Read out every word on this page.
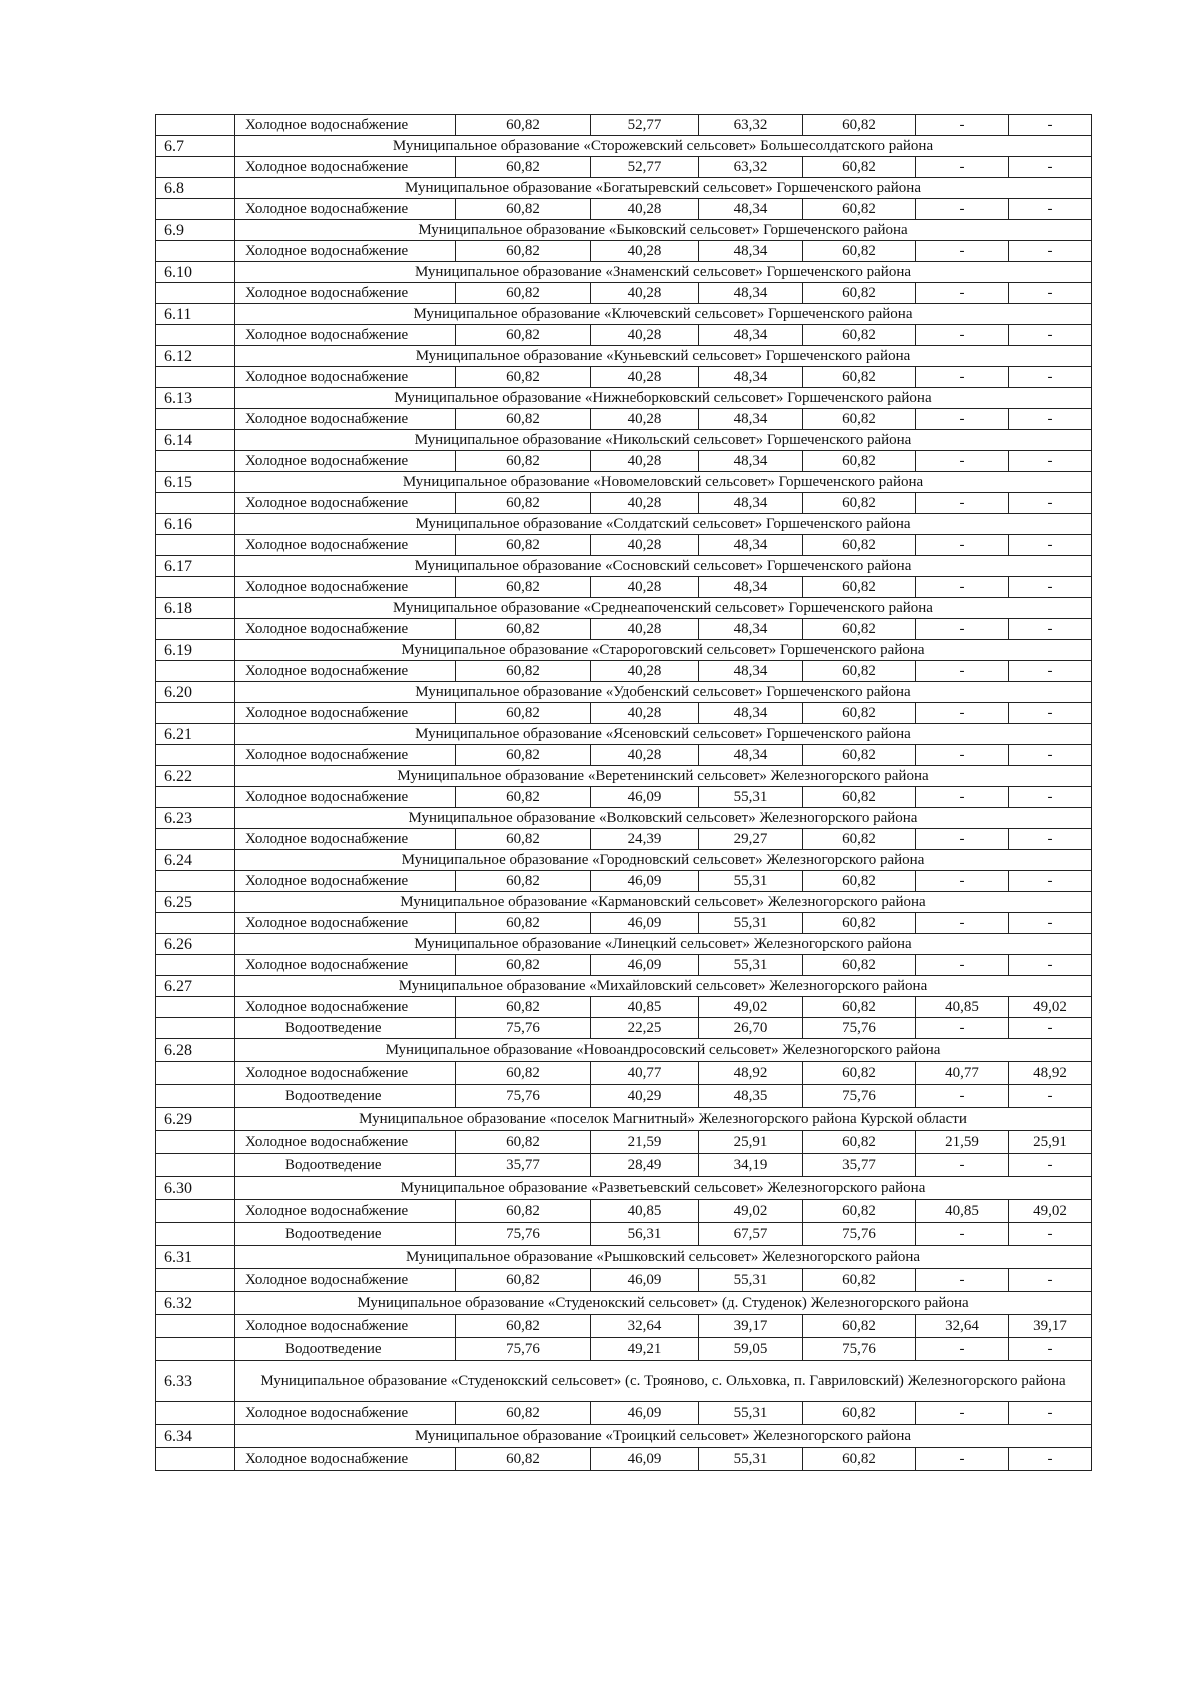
	Холодное водоснабжение	60,82	52,77	63,32	60,82	-	-
6.7	Муниципальное образование «Сторожевский сельсовет» Большесолдатского района						
	Холодное водоснабжение	60,82	52,77	63,32	60,82	-	-
6.8	Муниципальное образование «Богатыревский сельсовет» Горшеченского района						
	Холодное водоснабжение	60,82	40,28	48,34	60,82	-	-
6.9	Муниципальное образование «Быковский сельсовет» Горшеченского района						
	Холодное водоснабжение	60,82	40,28	48,34	60,82	-	-
6.10	Муниципальное образование «Знаменский сельсовет» Горшеченского района						
	Холодное водоснабжение	60,82	40,28	48,34	60,82	-	-
6.11	Муниципальное образование «Ключевский сельсовет» Горшеченского района						
	Холодное водоснабжение	60,82	40,28	48,34	60,82	-	-
6.12	Муниципальное образование «Куньевский сельсовет» Горшеченского района						
	Холодное водоснабжение	60,82	40,28	48,34	60,82	-	-
6.13	Муниципальное образование «Нижнеборковский сельсовет» Горшеченского района						
	Холодное водоснабжение	60,82	40,28	48,34	60,82	-	-
6.14	Муниципальное образование «Никольский сельсовет» Горшеченского района						
	Холодное водоснабжение	60,82	40,28	48,34	60,82	-	-
6.15	Муниципальное образование «Новомеловский сельсовет» Горшеченского района						
	Холодное водоснабжение	60,82	40,28	48,34	60,82	-	-
6.16	Муниципальное образование «Солдатский сельсовет» Горшеченского района						
	Холодное водоснабжение	60,82	40,28	48,34	60,82	-	-
6.17	Муниципальное образование «Сосновский сельсовет» Горшеченского района						
	Холодное водоснабжение	60,82	40,28	48,34	60,82	-	-
6.18	Муниципальное образование «Среднеапоченский сельсовет» Горшеченского района						
	Холодное водоснабжение	60,82	40,28	48,34	60,82	-	-
6.19	Муниципальное образование «Старороговский сельсовет» Горшеченского района						
	Холодное водоснабжение	60,82	40,28	48,34	60,82	-	-
6.20	Муниципальное образование «Удобенский сельсовет» Горшеченского района						
	Холодное водоснабжение	60,82	40,28	48,34	60,82	-	-
6.21	Муниципальное образование «Ясеновский сельсовет» Горшеченского района						
	Холодное водоснабжение	60,82	40,28	48,34	60,82	-	-
6.22	Муниципальное образование «Веретенинский сельсовет» Железногорского района						
	Холодное водоснабжение	60,82	46,09	55,31	60,82	-	-
6.23	Муниципальное образование «Волковский сельсовет» Железногорского района						
	Холодное водоснабжение	60,82	24,39	29,27	60,82	-	-
6.24	Муниципальное образование «Городновский сельсовет» Железногорского района						
	Холодное водоснабжение	60,82	46,09	55,31	60,82	-	-
6.25	Муниципальное образование «Кармановский сельсовет» Железногорского района						
	Холодное водоснабжение	60,82	46,09	55,31	60,82	-	-
6.26	Муниципальное образование «Линецкий сельсовет» Железногорского района						
	Холодное водоснабжение	60,82	46,09	55,31	60,82	-	-
6.27	Муниципальное образование «Михайловский сельсовет» Железногорского района						
	Холодное водоснабжение	60,82	40,85	49,02	60,82	40,85	49,02
	Водоотведение	75,76	22,25	26,70	75,76	-	-
6.28	Муниципальное образование «Новоандросовский сельсовет» Железногорского района						
	Холодное водоснабжение	60,82	40,77	48,92	60,82	40,77	48,92
	Водоотведение	75,76	40,29	48,35	75,76	-	-
6.29	Муниципальное образование «поселок Магнитный» Железногорского района Курской области						
	Холодное водоснабжение	60,82	21,59	25,91	60,82	21,59	25,91
	Водоотведение	35,77	28,49	34,19	35,77	-	-
6.30	Муниципальное образование «Разветьевский сельсовет» Железногорского района						
	Холодное водоснабжение	60,82	40,85	49,02	60,82	40,85	49,02
	Водоотведение	75,76	56,31	67,57	75,76	-	-
6.31	Муниципальное образование «Рышковский сельсовет» Железногорского района						
	Холодное водоснабжение	60,82	46,09	55,31	60,82	-	-
6.32	Муниципальное образование «Студенокский сельсовет» (д. Студенок) Железногорского района						
	Холодное водоснабжение	60,82	32,64	39,17	60,82	32,64	39,17
	Водоотведение	75,76	49,21	59,05	75,76	-	-
6.33	Муниципальное образование «Студенокский сельсовет» (с. Трояново, с. Ольховка, п. Гавриловский) Железногорского района						
	Холодное водоснабжение	60,82	46,09	55,31	60,82	-	-
6.34	Муниципальное образование «Троицкий сельсовет» Железногорского района						
	Холодное водоснабжение	60,82	46,09	55,31	60,82	-	-
